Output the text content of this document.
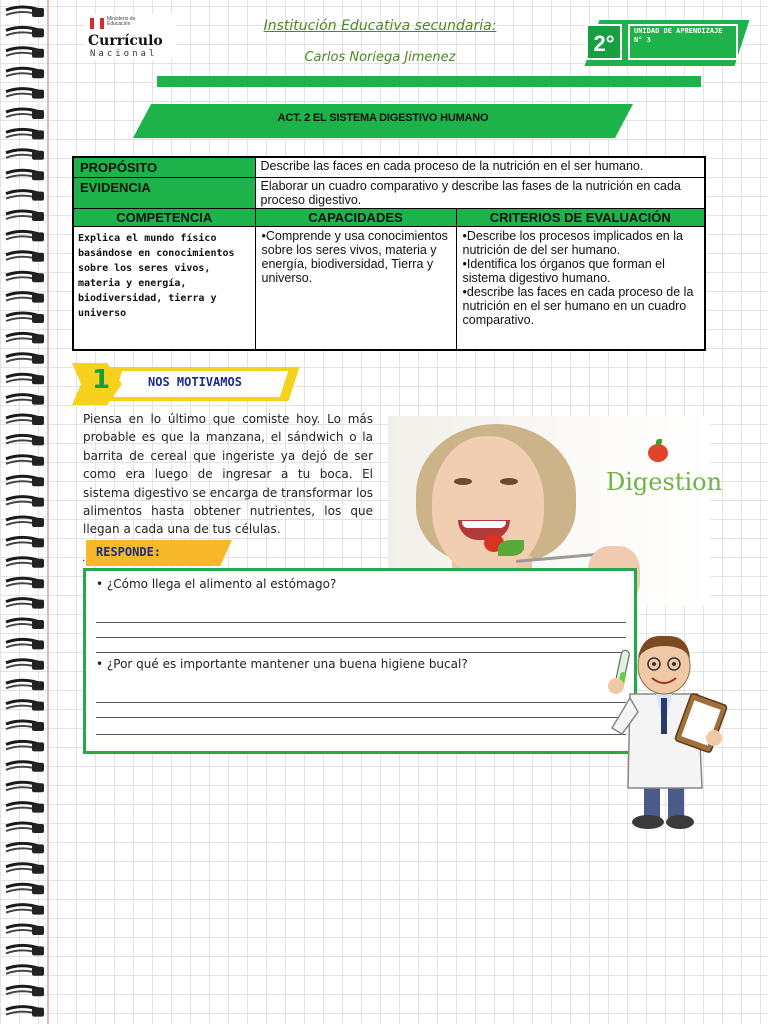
Ministerio de Educación
Currículo
Nacional
Institución Educativa secundaria:
Carlos Noriega Jimenez
2°	UNIDAD DE APRENDIZAJE N° 3
ACT. 2 EL SISTEMA DIGESTIVO HUMANO
PROPÓSITO	Describe las faces en cada proceso de la nutrición en el ser humano.	
EVIDENCIA	Elaborar un cuadro comparativo y describe las fases de la nutrición en cada proceso digestivo.	
COMPETENCIA	CAPACIDADES	CRITERIOS DE EVALUACIÓN
Explica el mundo físico basándose en conocimientos sobre los seres vivos, materia y energía, biodiversidad, tierra y universo	•Comprende y usa conocimientos sobre los seres vivos, materia y energía, biodiversidad, Tierra y universo.	•Describe los procesos implicados en la nutrición de del ser humano.
•Identifica los órganos que forman el sistema digestivo humano.
•describe las faces en cada proceso de la nutrición en el ser humano en un cuadro comparativo.
1	NOS MOTIVAMOS

Piensa en lo último que comiste hoy. Lo más probable es que la manzana, el sándwich o la barrita de cereal que ingeriste ya dejó de ser como era luego de ingresar a tu boca. El sistema digestivo se encarga de transformar los alimentos hasta obtener nutrientes, los que llegan a cada una de tus células.

Digestion
. RESPONDE:
• ¿Cómo llega el alimento al estómago?
• ¿Por qué es importante mantener una buena higiene bucal?
